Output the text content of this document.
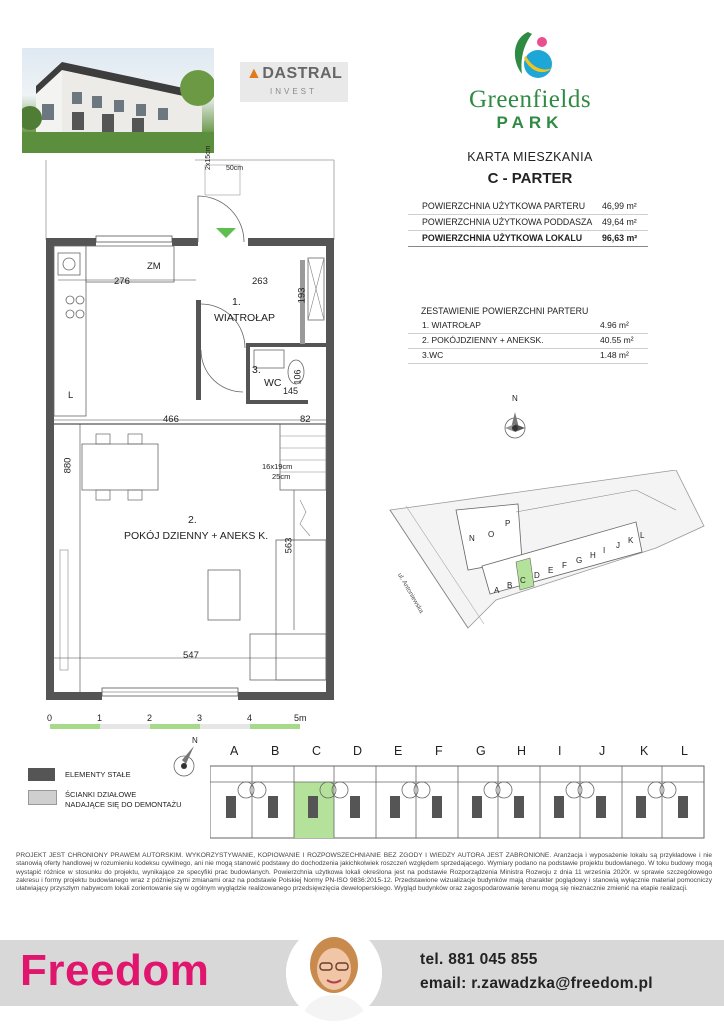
▲DASTRAL
INVEST	Greenfields
PARK
KARTA MIESZKANIA
C - PARTER
POWIERZCHNIA UŻYTKOWA PARTERU 46,99 m²
POWIERZCHNIA UŻYTKOWA PODDASZA 49,64 m²
POWIERZCHNIA UŻYTKOWA LOKALU 96,63 m²
ZESTAWIENIE POWIERZCHNI PARTERU
1. WIATROŁAP	4.96 m²
2. POKÓJDZIENNY + ANEKSK.	40.55 m²
3.WC	1.48 m²
276	263
193
ZM
L
2x15cm 50cm
1.
WIATROŁAP
3.
WC
145
106
466	82
880	16x19cm
25cm
2.
POKÓJ DZIENNY + ANEKS K.
563
547
0	1	2	3	4	5m
N
ul. Antoniewska
N O
P
A
B
C
D
E
F
G
H
I
J
K
L
ELEMENTY STAŁE
ŚCIANKI DZIAŁOWE
NADAJĄCE SIĘ DO DEMONTAŻU
N
A	B	C	D	E	F	G	H	I	J	K	L
PROJEKT JEST CHRONIONY PRAWEM AUTORSKIM. WYKORZYSTYWANIE, KOPIOWANIE I ROZPOWSZECHNIANIE BEZ ZGODY I WIEDZY AUTORA JEST ZABRONIONE. Aranżacja i wyposażenie lokalu są przykładowe i nie stanowią oferty handlowej w rozumieniu kodeksu cywilnego, ani nie mogą stanowić podstawy do dochodzenia jakichkolwiek roszczeń względem sprzedającego. Wymiary podano na podstawie projektu budowlanego. W toku budowy mogą wystąpić różnice w stosunku do projektu, wynikające ze specyfiki prac budowlanych. Powierzchnia użytkowa lokali określona jest na podstawie Rozporządzenia Ministra Rozwoju z dnia 11 września 2020r. w sprawie szczegółowego zakresu i formy projektu budowlanego wraz z późniejszymi zmianami oraz na podstawie Polskiej Normy PN-ISO 9836:2015-12. Przedstawione wizualizacje budynków mają charakter poglądowy i stanowią wyłącznie materiał pomocniczy ułatwiający przyszłym nabywcom lokali zorientowanie się w ogólnym wyglądzie realizowanego przedsięwzięcia deweloperskiego. Wygląd budynków oraz zagospodarowanie terenu mogą się nieznacznie zmienić na etapie realizacji.
Freedom	tel. 881 045 855
email: r.zawadzka@freedom.pl
